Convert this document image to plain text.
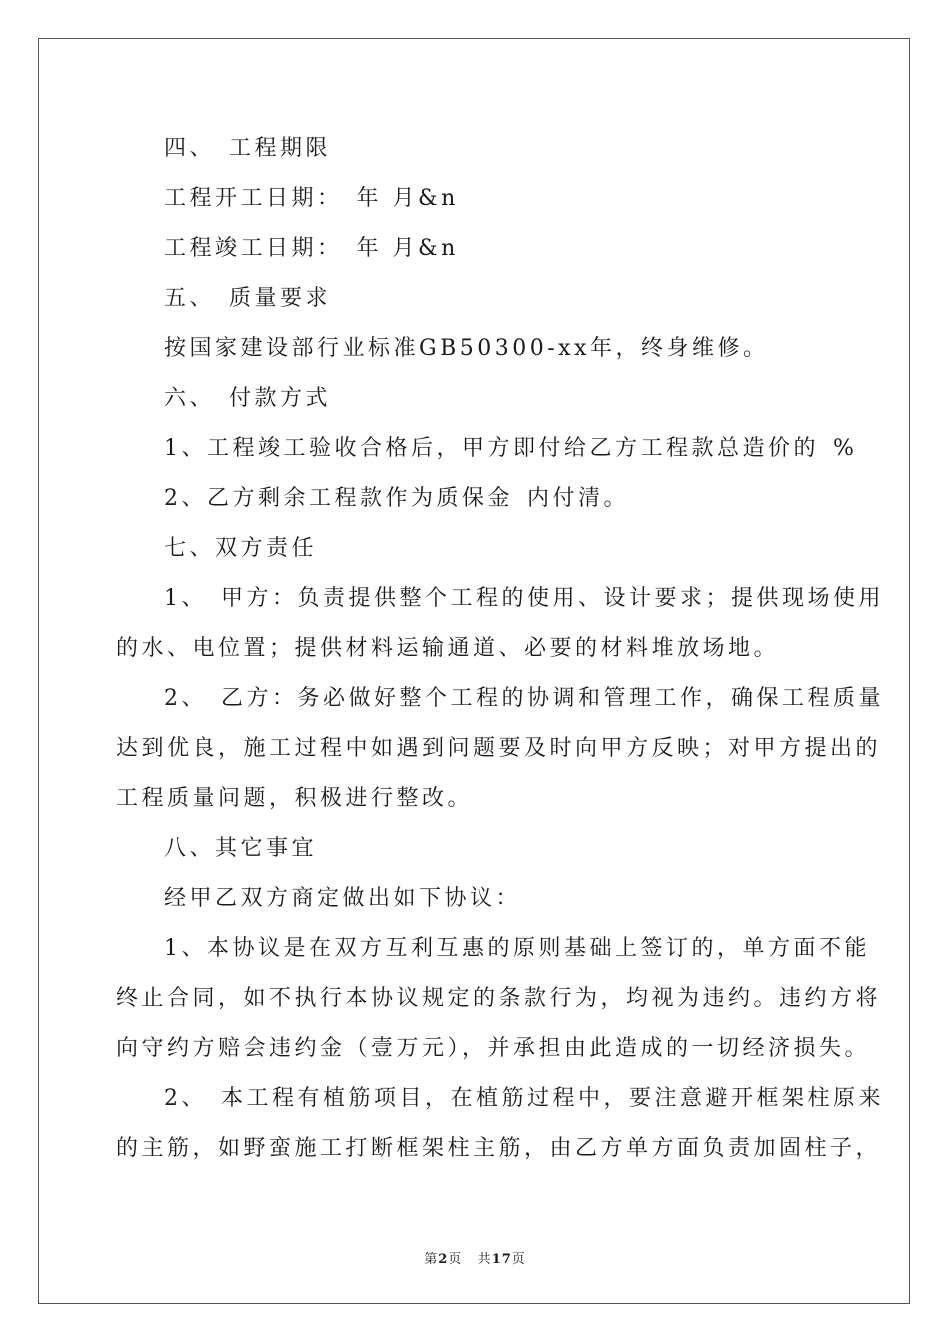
四、 工程期限
工程开工日期： 年 月&n
工程竣工日期： 年 月&n
五、 质量要求
按国家建设部行业标准GB50300-xx年，终身维修。
六、 付款方式
1、工程竣工验收合格后，甲方即付给乙方工程款总造价的 %
2、乙方剩余工程款作为质保金 内付清。
七、双方责任
1、 甲方：负责提供整个工程的使用、设计要求；提供现场使用
的水、电位置；提供材料运输通道、必要的材料堆放场地。
2、 乙方：务必做好整个工程的协调和管理工作，确保工程质量
达到优良，施工过程中如遇到问题要及时向甲方反映；对甲方提出的
工程质量问题，积极进行整改。
八、其它事宜
经甲乙双方商定做出如下协议：
1、本协议是在双方互利互惠的原则基础上签订的，单方面不能
终止合同，如不执行本协议规定的条款行为，均视为违约。违约方将
向守约方赔会违约金（壹万元），并承担由此造成的一切经济损失。
2、 本工程有植筋项目，在植筋过程中，要注意避开框架柱原来
的主筋，如野蛮施工打断框架柱主筋，由乙方单方面负责加固柱子，
第2页 共17页
